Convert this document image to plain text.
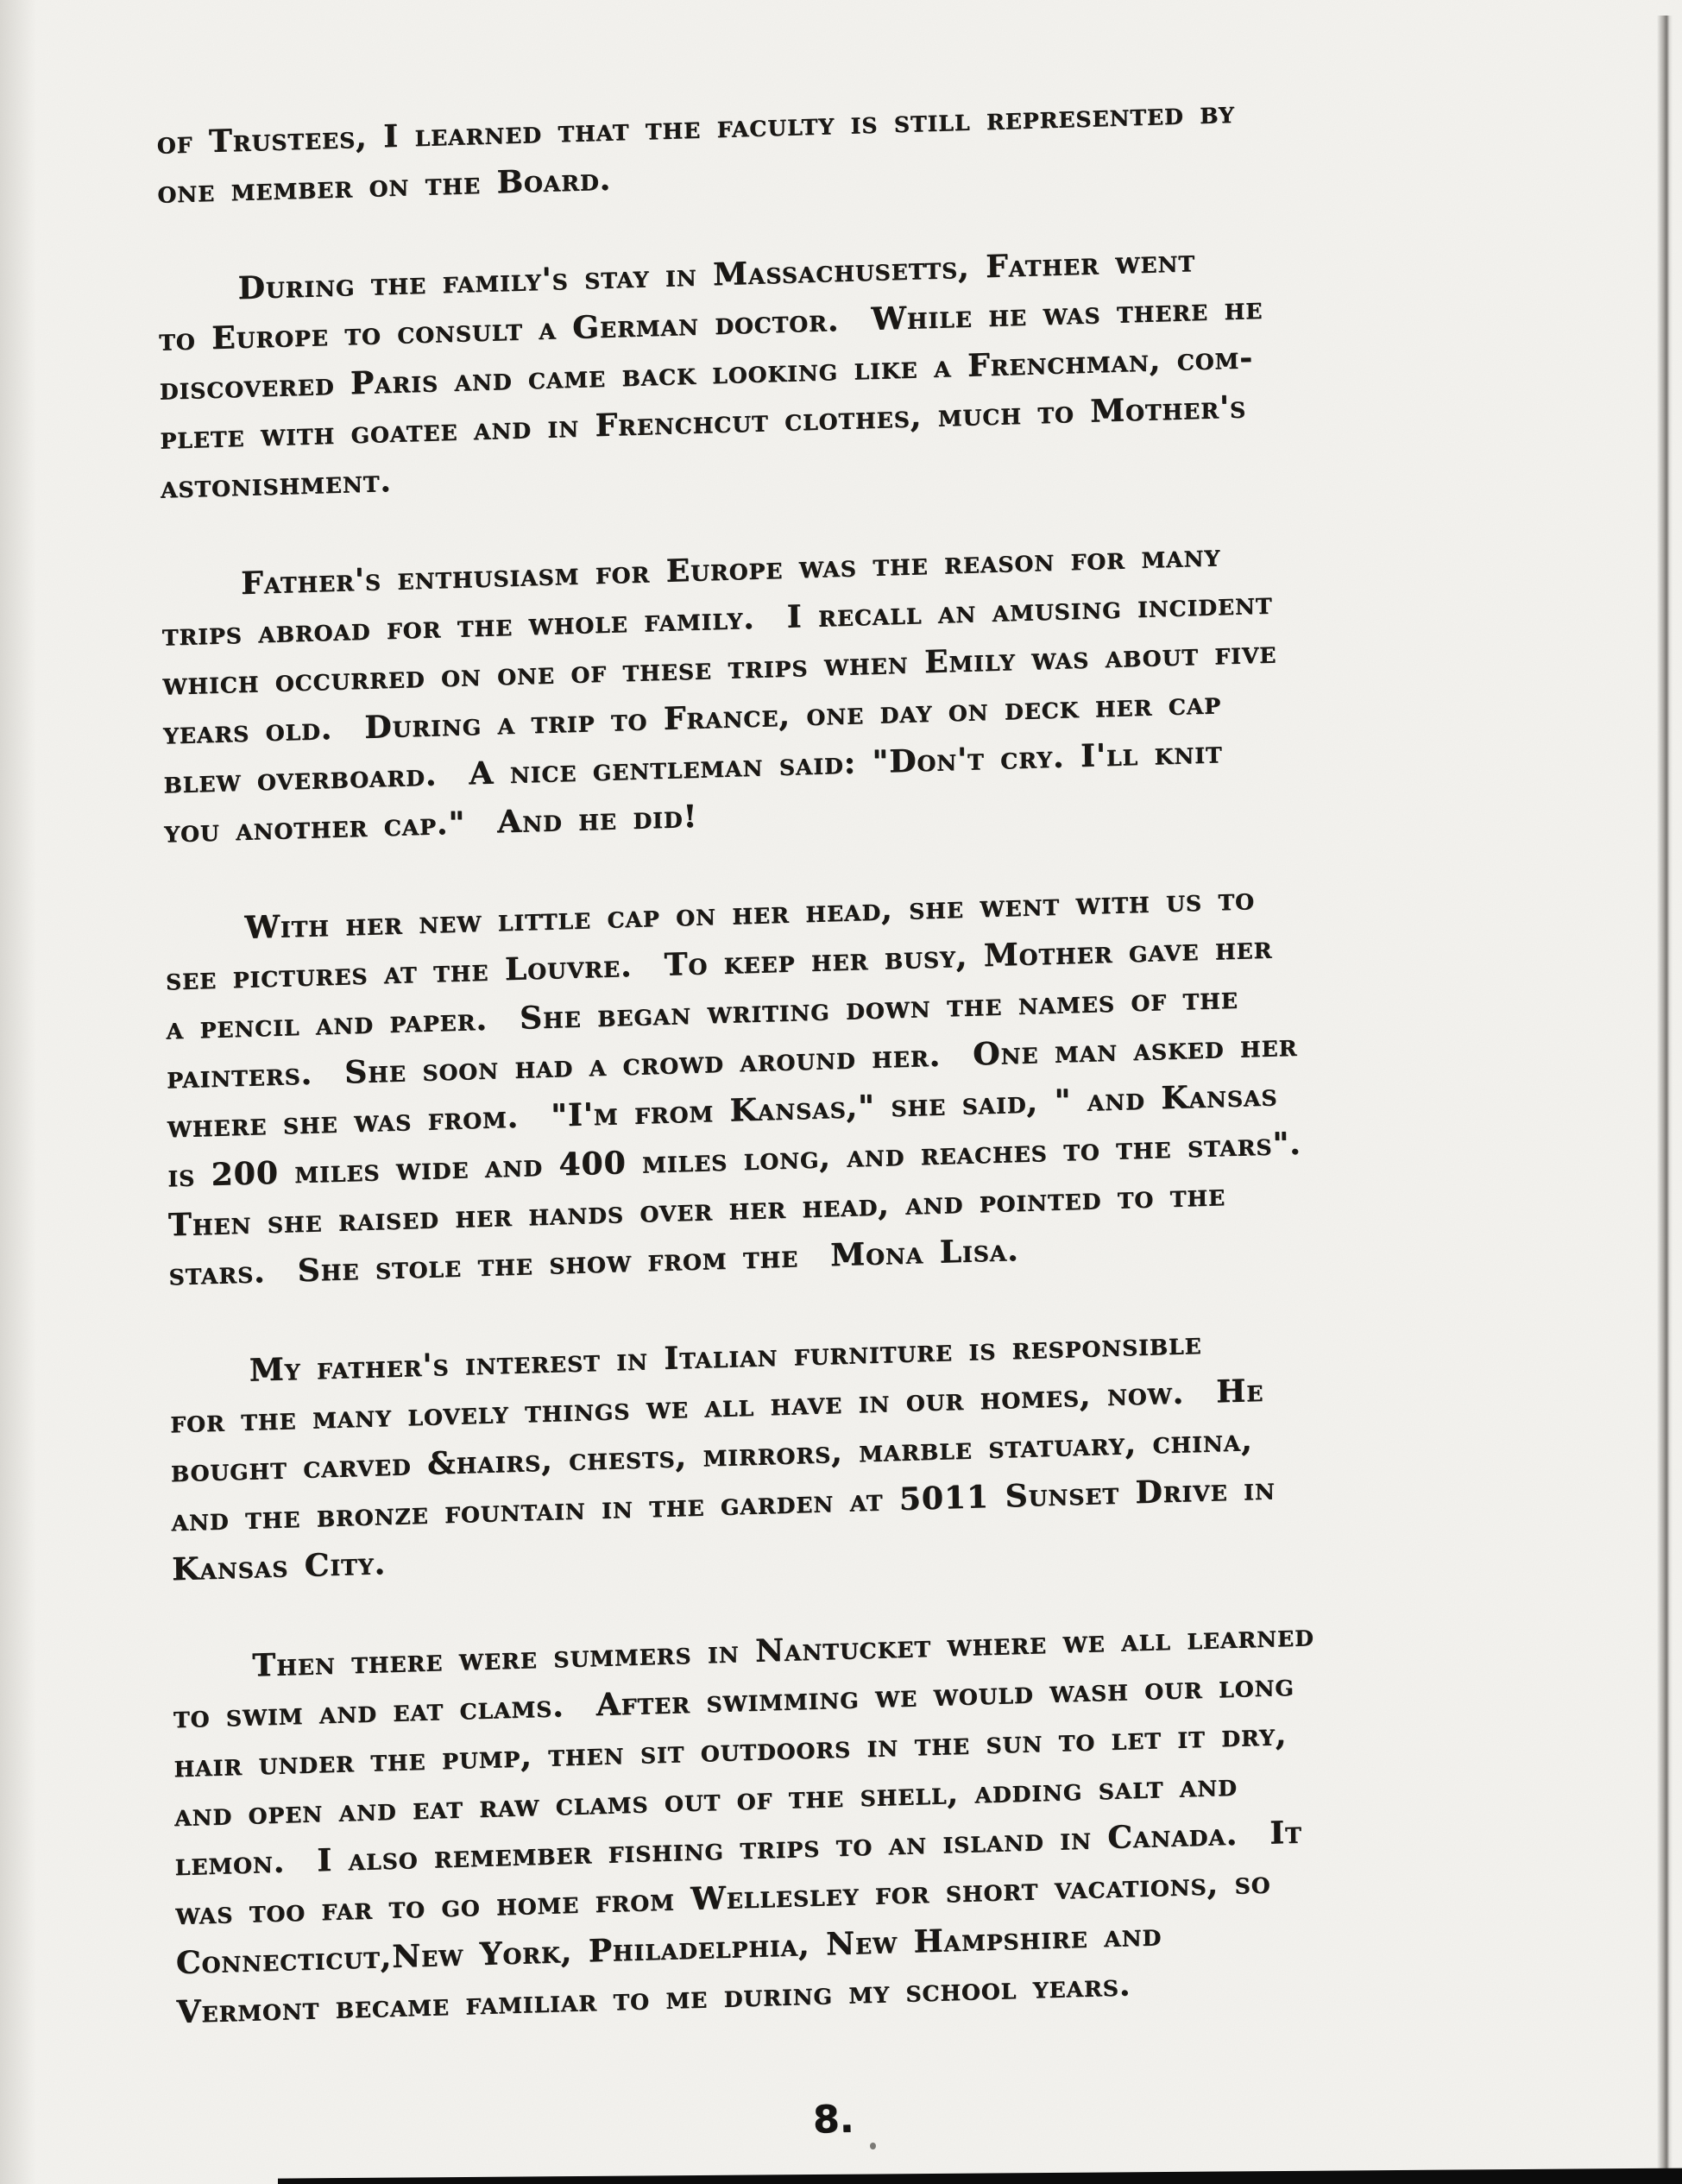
of Trustees, I learned that the faculty is still represented by
one member on the Board.
During the family's stay in Massachusetts, Father went
to Europe to consult a German doctor.  While he was there he
discovered Paris and came back looking like a Frenchman, com-
plete with goatee and in Frenchcut clothes, much to Mother's
astonishment.
Father's enthusiasm for Europe was the reason for many
trips abroad for the whole family.  I recall an amusing incident
which occurred on one of these trips when Emily was about five
years old.  During a trip to France, one day on deck her cap
blew overboard.  A nice gentleman said: "Don't cry. I'll knit
you another cap."  And he did!
With her new little cap on her head, she went with us to
see pictures at the Louvre.  To keep her busy, Mother gave her
a pencil and paper.  She began writing down the names of the
painters.  She soon had a crowd around her.  One man asked her
where she was from.  "I'm from Kansas," she said, " and Kansas
is 200 miles wide and 400 miles long, and reaches to the stars".
Then she raised her hands over her head, and pointed to the
stars.  She stole the show from the  Mona Lisa.
My father's interest in Italian furniture is responsible
for the many lovely things we all have in our homes, now.  He
bought carved &hairs, chests, mirrors, marble statuary, china,
and the bronze fountain in the garden at 5011 Sunset Drive in
Kansas City.
Then there were summers in Nantucket where we all learned
to swim and eat clams.  After swimming we would wash our long
hair under the pump, then sit outdoors in the sun to let it dry,
and open and eat raw clams out of the shell, adding salt and
lemon.  I also remember fishing trips to an island in Canada.  It
was too far to go home from Wellesley for short vacations, so
Connecticut,New York, Philadelphia, New Hampshire and
Vermont became familiar to me during my school years.
8.
